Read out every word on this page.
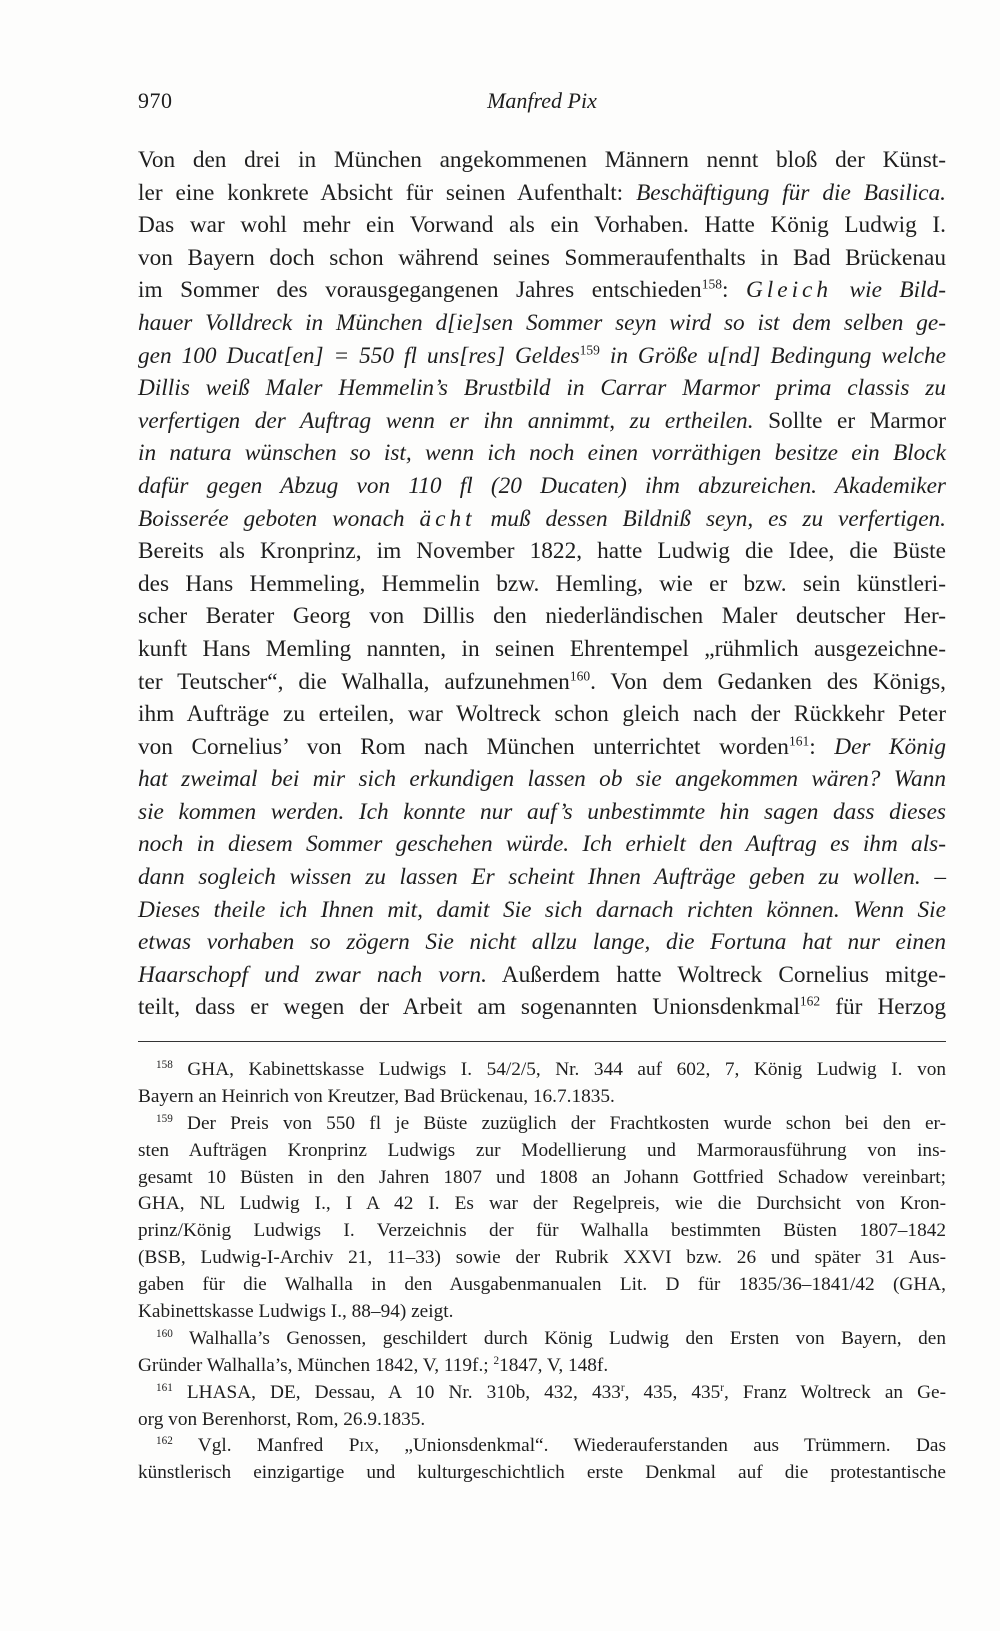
970	Manfred Pix
Von den drei in München angekommenen Männern nennt bloß der Künst-
ler eine konkrete Absicht für seinen Aufenthalt: Beschäftigung für die Basilica.
Das war wohl mehr ein Vorwand als ein Vorhaben. Hatte König Ludwig I.
von Bayern doch schon während seines Sommeraufenthalts in Bad Brückenau
im Sommer des vorausgegangenen Jahres entschieden$^{158}$: Gleich wie Bild-
hauer Volldreck in München d[ie]sen Sommer seyn wird so ist dem selben ge-
gen 100 Ducat[en] = 550 fl uns[res] Geldes$^{159}$ in Größe u[nd] Bedingung welche
Dillis weiß Maler Hemmelin’s Brustbild in Carrar Marmor prima classis zu
verfertigen der Auftrag wenn er ihn annimmt, zu ertheilen. Sollte er Marmor
in natura wünschen so ist, wenn ich noch einen vorräthigen besitze ein Block
dafür gegen Abzug von 110 fl (20 Ducaten) ihm abzureichen. Akademiker
Boisserée geboten wonach ächt muß dessen Bildniß seyn, es zu verfertigen.
Bereits als Kronprinz, im November 1822, hatte Ludwig die Idee, die Büste
des Hans Hemmeling, Hemmelin bzw. Hemling, wie er bzw. sein künstleri-
scher Berater Georg von Dillis den niederländischen Maler deutscher Her-
kunft Hans Memling nannten, in seinen Ehrentempel „rühmlich ausgezeichne-
ter Teutscher“, die Walhalla, aufzunehmen$^{160}$. Von dem Gedanken des Königs,
ihm Aufträge zu erteilen, war Woltreck schon gleich nach der Rückkehr Peter
von Cornelius’ von Rom nach München unterrichtet worden$^{161}$: Der König
hat zweimal bei mir sich erkundigen lassen ob sie angekommen wären? Wann
sie kommen werden. Ich konnte nur auf’s unbestimmte hin sagen dass dieses
noch in diesem Sommer geschehen würde. Ich erhielt den Auftrag es ihm als-
dann sogleich wissen zu lassen Er scheint Ihnen Aufträge geben zu wollen. –
Dieses theile ich Ihnen mit, damit Sie sich darnach richten können. Wenn Sie
etwas vorhaben so zögern Sie nicht allzu lange, die Fortuna hat nur einen
Haarschopf und zwar nach vorn. Außerdem hatte Woltreck Cornelius mitge-
teilt, dass er wegen der Arbeit am sogenannten Unionsdenkmal$^{162}$ für Herzog
$^{158}$ GHA, Kabinettskasse Ludwigs I. 54/2/5, Nr. 344 auf 602, 7, König Ludwig I. von
Bayern an Heinrich von Kreutzer, Bad Brückenau, 16.7.1835.
$^{159}$ Der Preis von 550 fl je Büste zuzüglich der Frachtkosten wurde schon bei den er-
sten Aufträgen Kronprinz Ludwigs zur Modellierung und Marmorausführung von ins-
gesamt 10 Büsten in den Jahren 1807 und 1808 an Johann Gottfried Schadow vereinbart;
GHA, NL Ludwig I., I A 42 I. Es war der Regelpreis, wie die Durchsicht von Kron-
prinz/König Ludwigs I. Verzeichnis der für Walhalla bestimmten Büsten 1807–1842
(BSB, Ludwig-I-Archiv 21, 11–33) sowie der Rubrik XXVI bzw. 26 und später 31 Aus-
gaben für die Walhalla in den Ausgabenmanualen Lit. D für 1835/36–1841/42 (GHA,
Kabinettskasse Ludwigs I., 88–94) zeigt.
$^{160}$ Walhalla’s Genossen, geschildert durch König Ludwig den Ersten von Bayern, den
Gründer Walhalla’s, München 1842, V, 119f.; $^2$1847, V, 148f.
$^{161}$ LHASA, DE, Dessau, A 10 Nr. 310b, 432, 433$^r$, 435, 435$^r$, Franz Woltreck an Ge-
org von Berenhorst, Rom, 26.9.1835.
$^{162}$ Vgl. Manfred Pix, „Unionsdenkmal“. Wiederauferstanden aus Trümmern. Das
künstlerisch einzigartige und kulturgeschichtlich erste Denkmal auf die protestantische
